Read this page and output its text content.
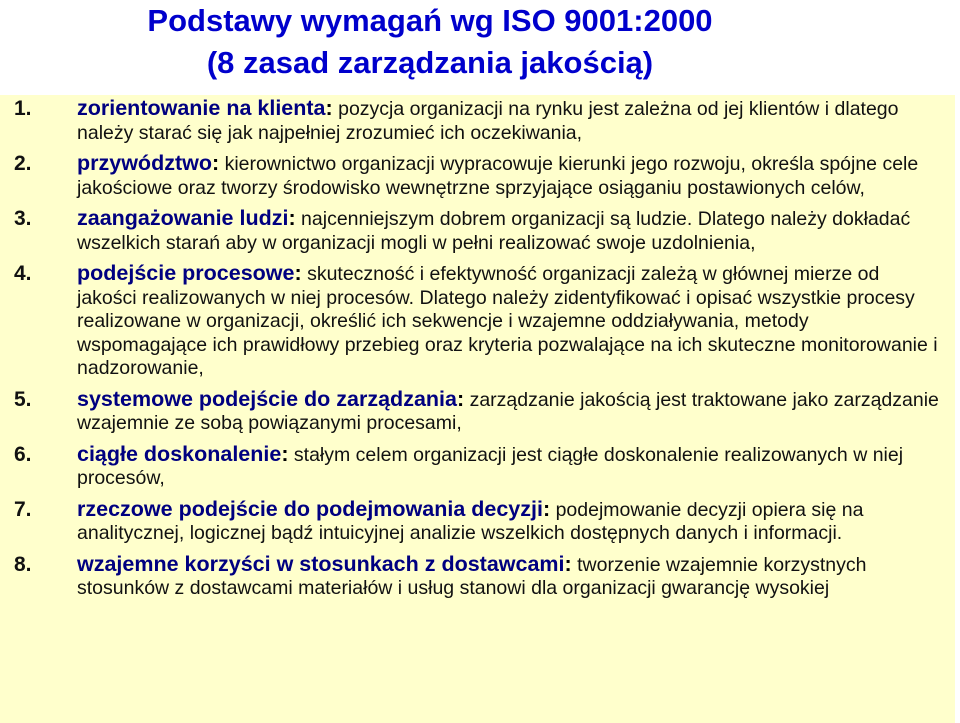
Podstawy wymagań wg ISO 9001:2000
(8 zasad zarządzania jakością)
1. zorientowanie na klienta: pozycja organizacji na rynku jest zależna od jej klientów i dlatego należy starać się jak najpełniej zrozumieć ich oczekiwania,
2. przywództwo: kierownictwo organizacji wypracowuje kierunki jego rozwoju, określa spójne cele jakościowe oraz tworzy środowisko wewnętrzne sprzyjające osiąganiu postawionych celów,
3. zaangażowanie ludzi: najcenniejszym dobrem organizacji są ludzie. Dlatego należy dokładać wszelkich starań aby w organizacji mogli w pełni realizować swoje uzdolnienia,
4. podejście procesowe: skuteczność i efektywność organizacji zależą w głównej mierze od jakości realizowanych w niej procesów. Dlatego należy zidentyfikować i opisać wszystkie procesy realizowane w organizacji, określić ich sekwencje i wzajemne oddziaływania, metody wspomagające ich prawidłowy przebieg oraz kryteria pozwalające na ich skuteczne monitorowanie i nadzorowanie,
5. systemowe podejście do zarządzania: zarządzanie jakością jest traktowane jako zarządzanie wzajemnie ze sobą powiązanymi procesami,
6. ciągłe doskonalenie: stałym celem organizacji jest ciągłe doskonalenie realizowanych w niej procesów,
7. rzeczowe podejście do podejmowania decyzji: podejmowanie decyzji opiera się na analitycznej, logicznej bądź intuicyjnej analizie wszelkich dostępnych danych i informacji.
8. wzajemne korzyści w stosunkach z dostawcami: tworzenie wzajemnie korzystnych stosunków z dostawcami materiałów i usług stanowi dla organizacji gwarancję wysokiej
